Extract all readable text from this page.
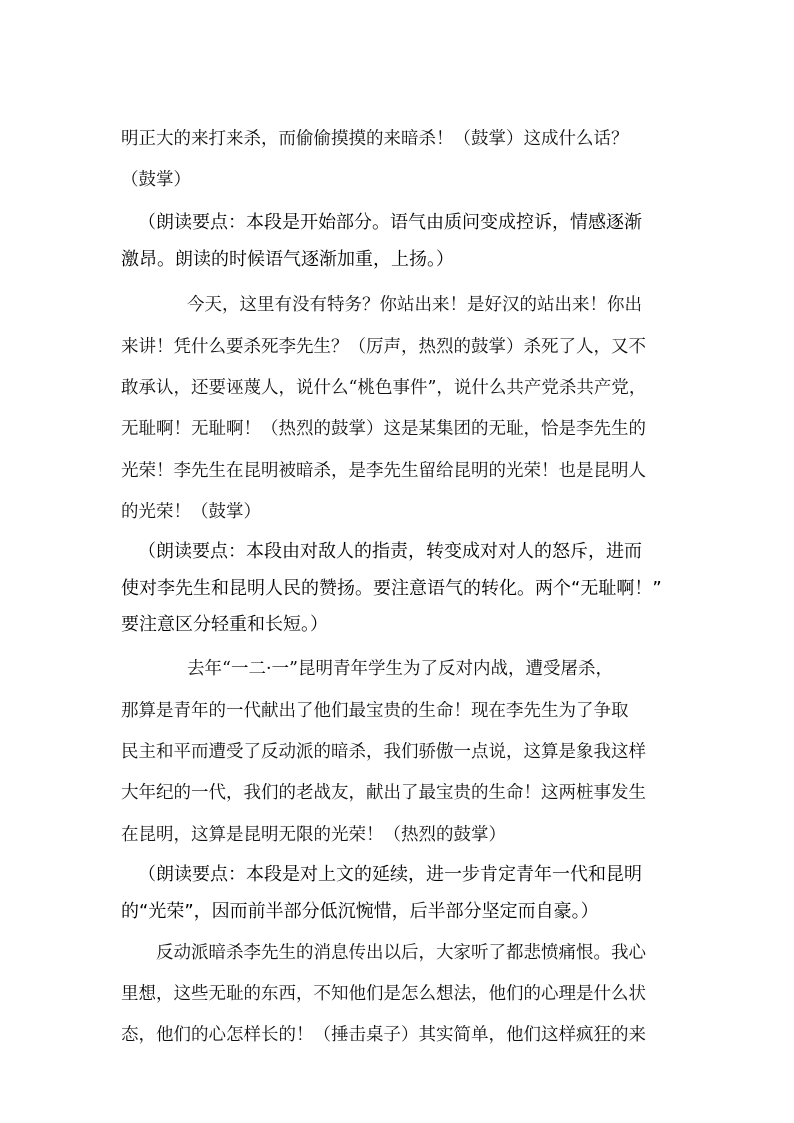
明正大的来打来杀，而偷偷摸摸的来暗杀！（鼓掌）这成什么话？
（鼓掌）
（朗读要点：本段是开始部分。语气由质问变成控诉，情感逐渐
激昂。朗读的时候语气逐渐加重，上扬。）
今天，这里有没有特务？你站出来！是好汉的站出来！你出
来讲！凭什么要杀死李先生？（厉声，热烈的鼓掌）杀死了人，又不
敢承认，还要诬蔑人，说什么“桃色事件”，说什么共产党杀共产党，
无耻啊！无耻啊！（热烈的鼓掌）这是某集团的无耻，恰是李先生的
光荣！李先生在昆明被暗杀，是李先生留给昆明的光荣！也是昆明人
的光荣！（鼓掌）
（朗读要点：本段由对敌人的指责，转变成对对人的怒斥，进而
使对李先生和昆明人民的赞扬。要注意语气的转化。两个“无耻啊！”
要注意区分轻重和长短。）
去年“一二·一”昆明青年学生为了反对内战，遭受屠杀，
那算是青年的一代献出了他们最宝贵的生命！现在李先生为了争取
民主和平而遭受了反动派的暗杀，我们骄傲一点说，这算是象我这样
大年纪的一代，我们的老战友，献出了最宝贵的生命！这两桩事发生
在昆明，这算是昆明无限的光荣！（热烈的鼓掌）
（朗读要点：本段是对上文的延续，进一步肯定青年一代和昆明
的“光荣”，因而前半部分低沉惋惜，后半部分坚定而自豪。）
反动派暗杀李先生的消息传出以后，大家听了都悲愤痛恨。我心
里想，这些无耻的东西，不知他们是怎么想法，他们的心理是什么状
态，他们的心怎样长的！（捶击桌子）其实简单，他们这样疯狂的来
